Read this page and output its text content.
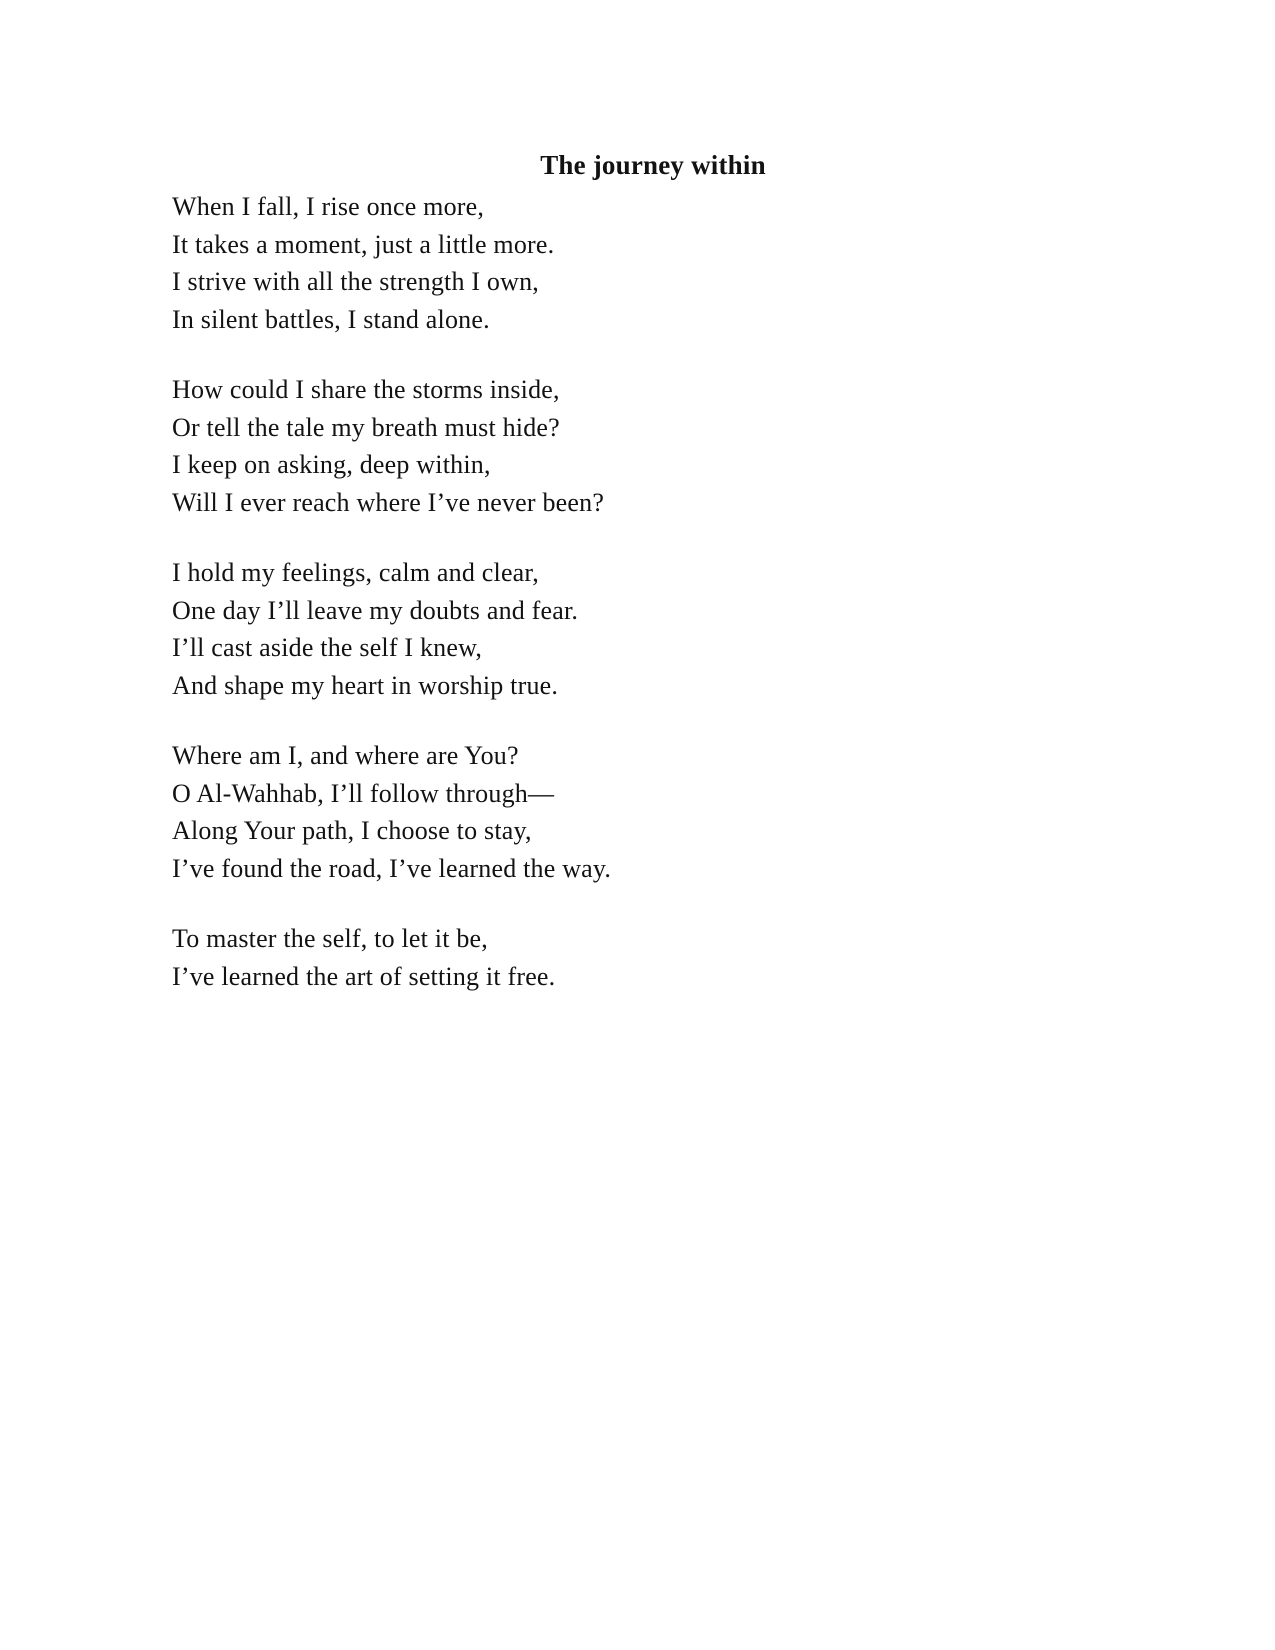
The journey within

When I fall, I rise once more,

It takes a moment, just a little more.

I strive with all the strength I own,

In silent battles, I stand alone.

How could I share the storms inside,

Or tell the tale my breath must hide?

I keep on asking, deep within,

Will I ever reach where I’ve never been?

I hold my feelings, calm and clear,

One day I’ll leave my doubts and fear.

I’ll cast aside the self I knew,

And shape my heart in worship true.

Where am I, and where are You?

O Al-Wahhab, I’ll follow through—

Along Your path, I choose to stay,

I’ve found the road, I’ve learned the way.

To master the self, to let it be,

I’ve learned the art of setting it free.
